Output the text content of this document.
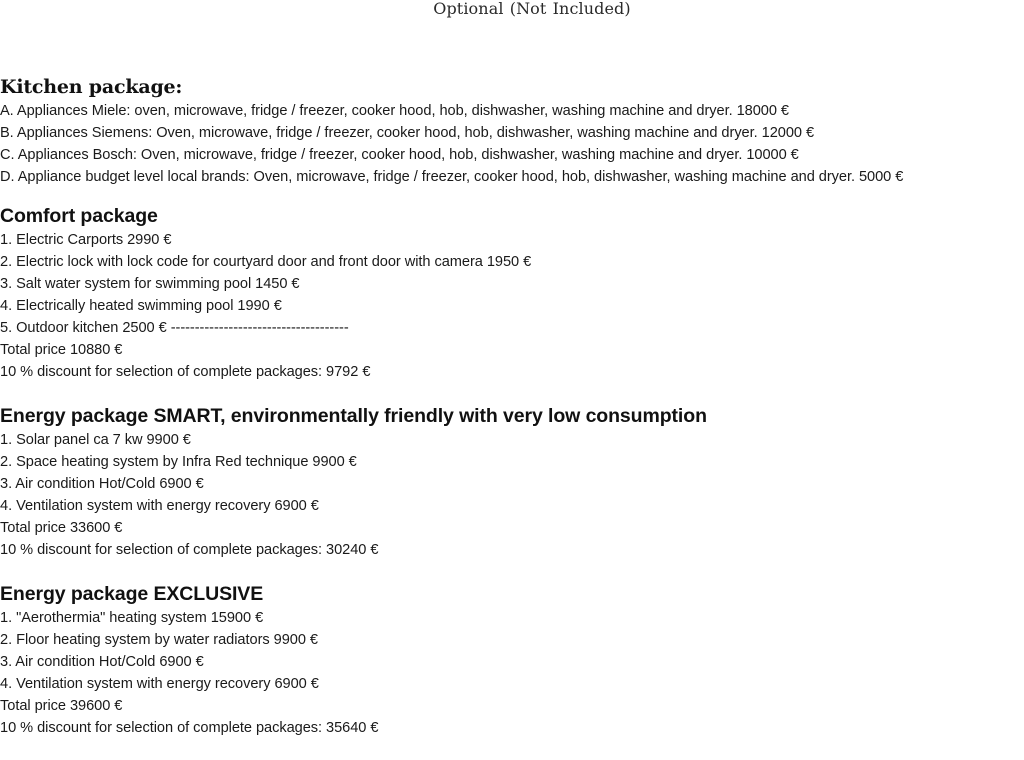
Optional (Not Included)
Kitchen package:
A. Appliances Miele: oven, microwave, fridge / freezer, cooker hood, hob, dishwasher, washing machine and dryer. 18000 €
B. Appliances Siemens: Oven, microwave, fridge / freezer, cooker hood, hob, dishwasher, washing machine and dryer. 12000 €
C. Appliances Bosch: Oven, microwave, fridge / freezer, cooker hood, hob, dishwasher, washing machine and dryer. 10000 €
D. Appliance budget level local brands: Oven, microwave, fridge / freezer, cooker hood, hob, dishwasher, washing machine and dryer. 5000 €
Comfort package
1. Electric Carports 2990 €
2. Electric lock with lock code for courtyard door and front door with camera 1950 €
3. Salt water system for swimming pool 1450 €
4. Electrically heated swimming pool 1990 €
5. Outdoor kitchen 2500 € -------------------------------------
Total price 10880 €
10 % discount for selection of complete packages: 9792 €
Energy package SMART, environmentally friendly with very low consumption
1. Solar panel ca 7 kw 9900 €
2. Space heating system by Infra Red technique 9900 €
3. Air condition Hot/Cold 6900 €
4. Ventilation system with energy recovery 6900 €
Total price 33600 €
10 % discount for selection of complete packages: 30240 €
Energy package EXCLUSIVE
1. "Aerothermia" heating system 15900 €
2. Floor heating system by water radiators 9900 €
3. Air condition Hot/Cold 6900 €
4. Ventilation system with energy recovery 6900 €
Total price 39600 €
10 % discount for selection of complete packages: 35640 €
